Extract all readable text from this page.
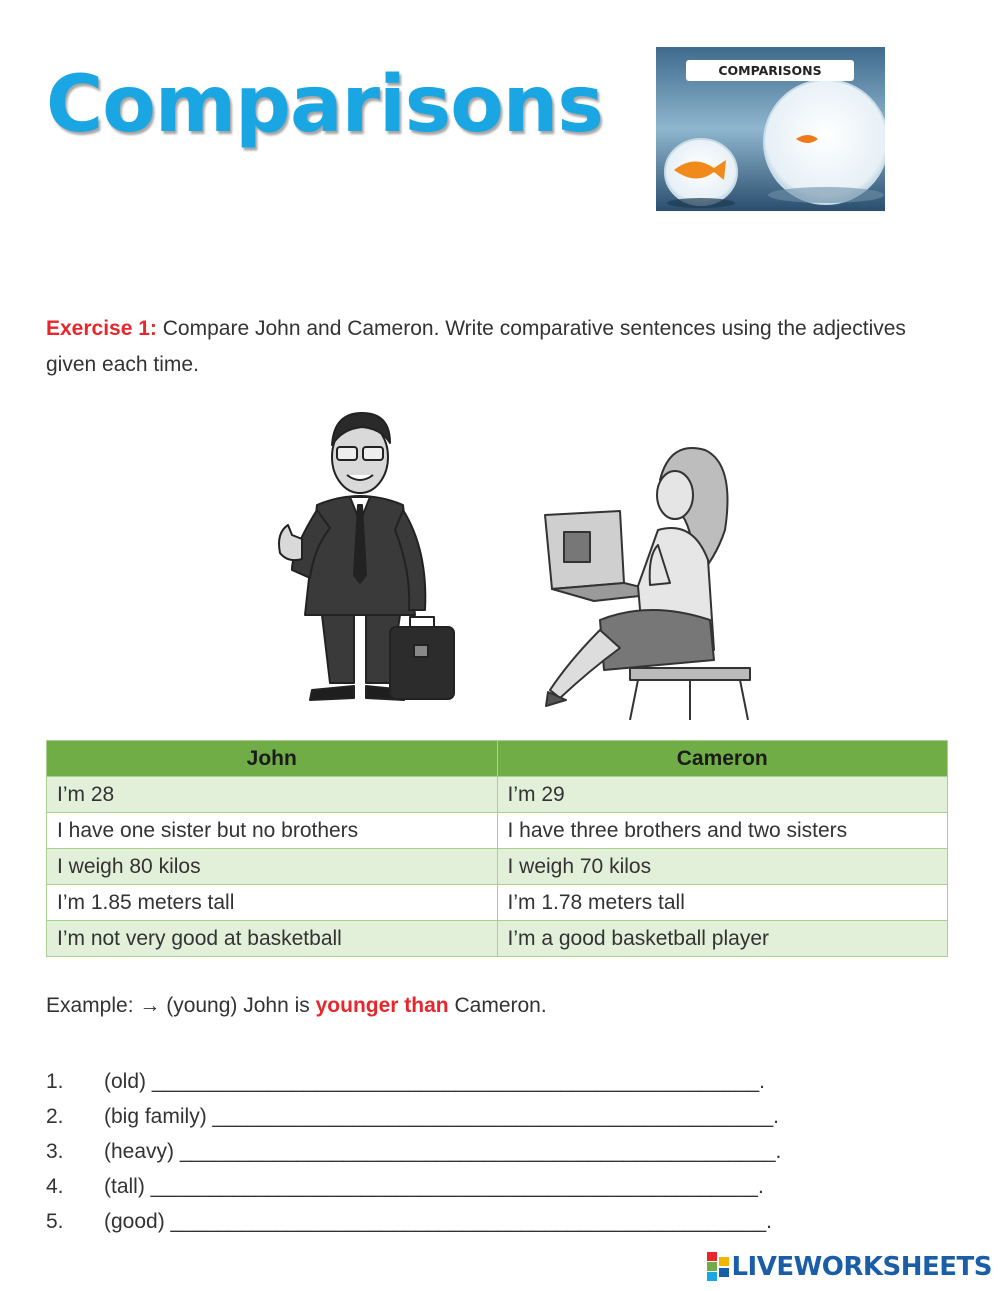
Comparisons	COMPARISONS
Exercise 1: Compare John and Cameron. Write comparative sentences using the adjectives given each time.
John	Cameron
I’m 28	I’m 29
I have one sister but no brothers	I have three brothers and two sisters
I weigh 80 kilos	I weigh 70 kilos
I’m 1.85 meters tall	I’m 1.78 meters tall
I’m not very good at basketball	I’m a good basketball player
Example: → (young) John is younger than Cameron.
1.	(old) ____________________________________________________.
2.	(big family) ________________________________________________.
3.	(heavy) ___________________________________________________.
4.	(tall) ____________________________________________________.
5.	(good) ___________________________________________________.
LIVEWORKSHEETS
